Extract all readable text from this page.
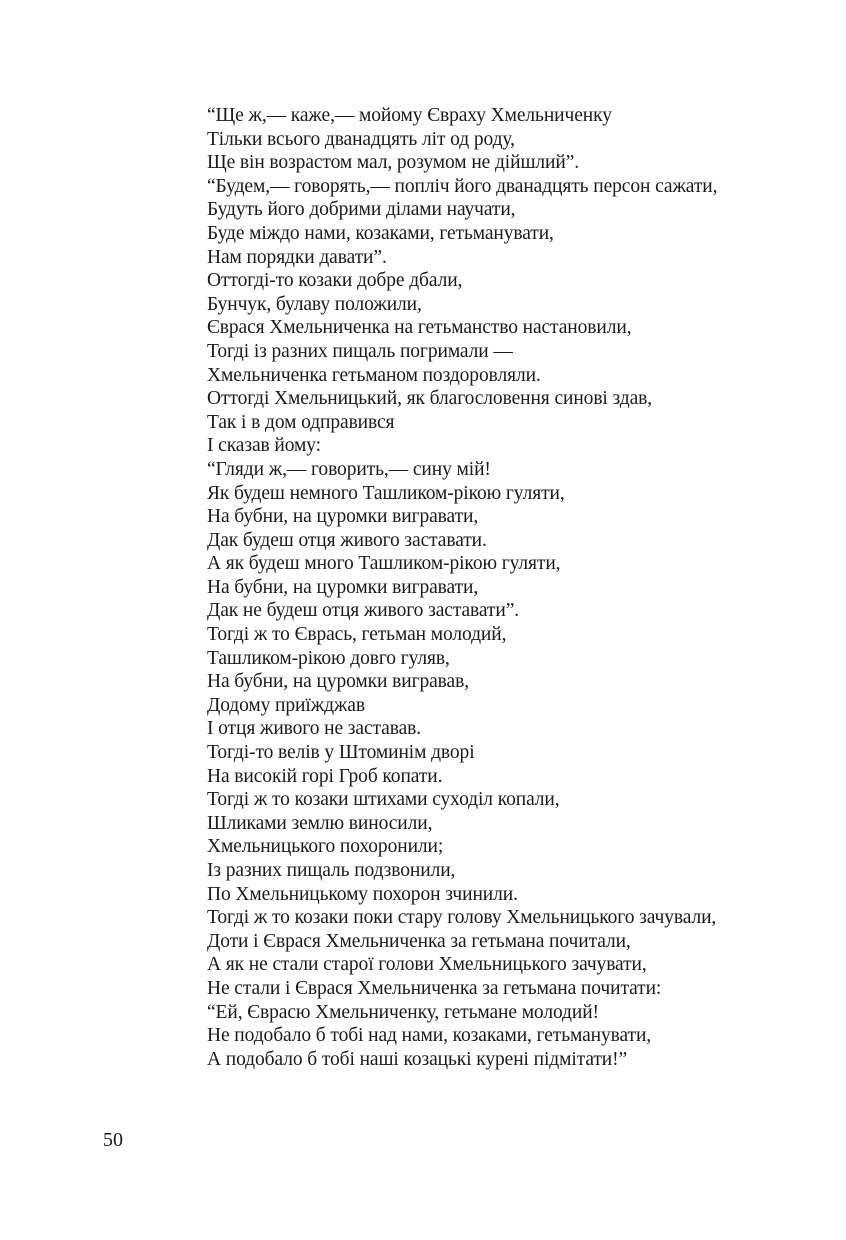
“Ще ж,— каже,— мойому Євраху Хмельниченку
Тільки всього дванадцять літ од роду,
Ще він возрастом мал, розумом не дійшлий”.
“Будем,— говорять,— попліч його дванадцять персон сажати,
Будуть його добрими ділами научати,
Буде міждо нами, козаками, гетьманувати,
Нам порядки давати”.
Оттогді-то козаки добре дбали,
Бунчук, булаву положили,
Єврася Хмельниченка на гетьманство настановили,
Тогді із разних пищаль погримали —
Хмельниченка гетьманом поздоровляли.
Оттогді Хмельницький, як благословення синові здав,
Так і в дом одправився
І сказав йому:
“Гляди ж,— говорить,— сину мій!
Як будеш немного Ташликом-рікою гуляти,
На бубни, на цуромки вигравати,
Дак будеш отця живого заставати.
А як будеш много Ташликом-рікою гуляти,
На бубни, на цуромки вигравати,
Дак не будеш отця живого заставати”.
Тогді ж то Єврась, гетьман молодий,
Ташликом-рікою довго гуляв,
На бубни, на цуромки вигравав,
Додому приїжджав
І отця живого не заставав.
Тогді-то велів у Штоминім дворі
На високій горі Гроб копати.
Тогді ж то козаки штихами суходіл копали,
Шликами землю виносили,
Хмельницького похоронили;
Із разних пищаль подзвонили,
По Хмельницькому похорон зчинили.
Тогді ж то козаки поки стару голову Хмельницького зачували,
Доти і Єврася Хмельниченка за гетьмана почитали,
А як не стали старої голови Хмельницького зачувати,
Не стали і Єврася Хмельниченка за гетьмана почитати:
“Ей, Єврасю Хмельниченку, гетьмане молодий!
Не подобало б тобі над нами, козаками, гетьманувати,
А подобало б тобі наші козацькі курені підмітати!”
50
